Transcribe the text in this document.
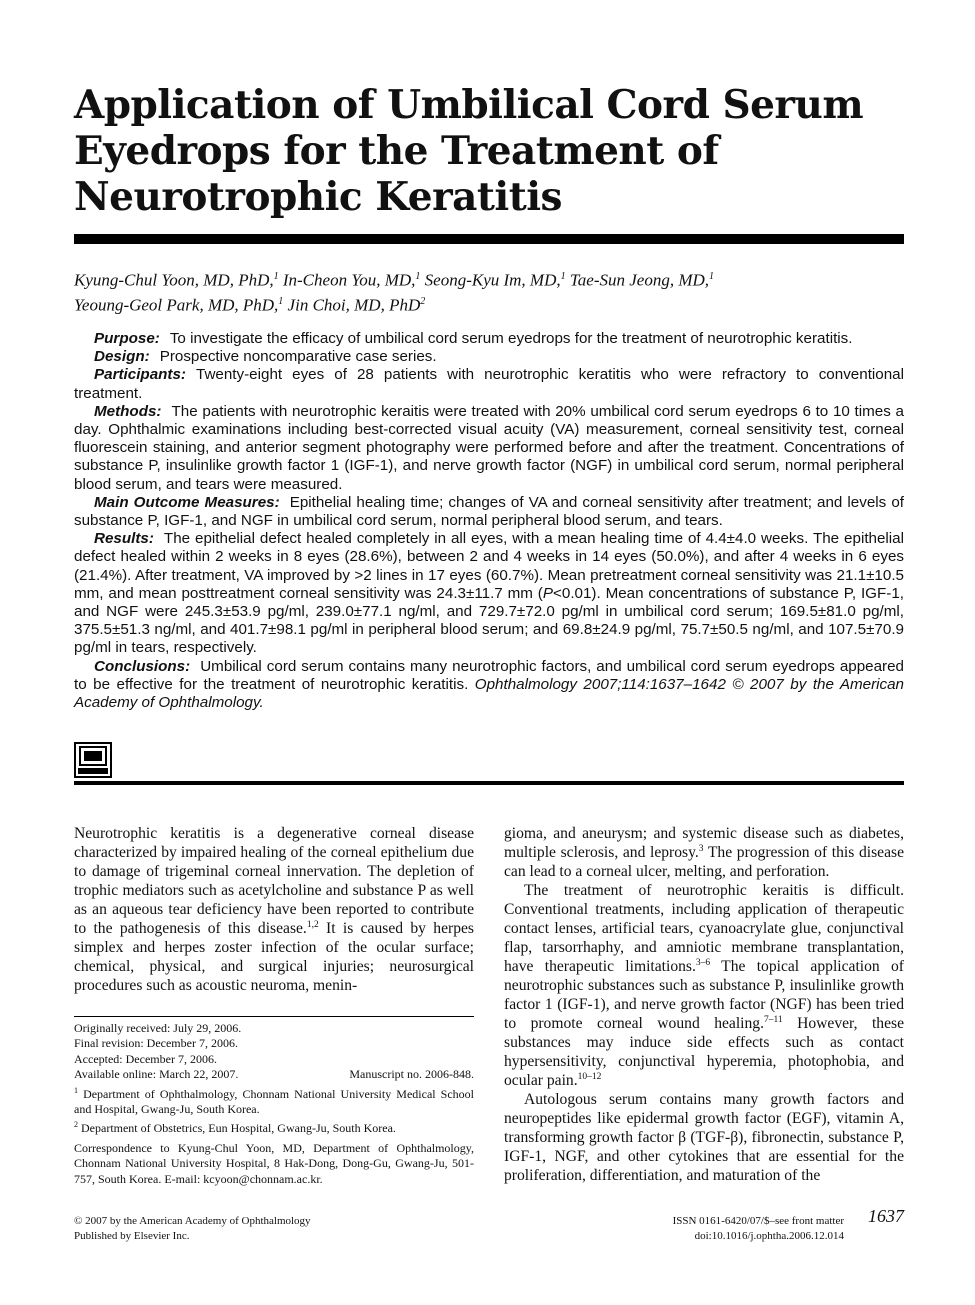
Application of Umbilical Cord Serum
Eyedrops for the Treatment of
Neurotrophic Keratitis
Kyung-Chul Yoon, MD, PhD,$^1$ In-Cheon You, MD,$^1$ Seong-Kyu Im, MD,$^1$ Tae-Sun Jeong, MD,$^1$
Yeoung-Geol Park, MD, PhD,$^1$ Jin Choi, MD, PhD$^2$

Purpose: To investigate the efficacy of umbilical cord serum eyedrops for the treatment of neurotrophic keratitis.

Design: Prospective noncomparative case series.

Participants: Twenty-eight eyes of 28 patients with neurotrophic keratitis who were refractory to conventional treatment.

Methods: The patients with neurotrophic keraitis were treated with 20% umbilical cord serum eyedrops 6 to 10 times a day. Ophthalmic examinations including best-corrected visual acuity (VA) measurement, corneal sensitivity test, corneal fluorescein staining, and anterior segment photography were performed before and after the treatment. Concentrations of substance P, insulinlike growth factor 1 (IGF-1), and nerve growth factor (NGF) in umbilical cord serum, normal peripheral blood serum, and tears were measured.

Main Outcome Measures: Epithelial healing time; changes of VA and corneal sensitivity after treatment; and levels of substance P, IGF-1, and NGF in umbilical cord serum, normal peripheral blood serum, and tears.

Results: The epithelial defect healed completely in all eyes, with a mean healing time of 4.4±4.0 weeks. The epithelial defect healed within 2 weeks in 8 eyes (28.6%), between 2 and 4 weeks in 14 eyes (50.0%), and after 4 weeks in 6 eyes (21.4%). After treatment, VA improved by >2 lines in 17 eyes (60.7%). Mean pretreatment corneal sensitivity was 21.1±10.5 mm, and mean posttreatment corneal sensitivity was 24.3±11.7 mm (P<0.01). Mean concentrations of substance P, IGF-1, and NGF were 245.3±53.9 pg/ml, 239.0±77.1 ng/ml, and 729.7±72.0 pg/ml in umbilical cord serum; 169.5±81.0 pg/ml, 375.5±51.3 ng/ml, and 401.7±98.1 pg/ml in peripheral blood serum; and 69.8±24.9 pg/ml, 75.7±50.5 ng/ml, and 107.5±70.9 pg/ml in tears, respectively.

Conclusions: Umbilical cord serum contains many neurotrophic factors, and umbilical cord serum eyedrops appeared to be effective for the treatment of neurotrophic keratitis. Ophthalmology 2007;114:1637–1642 © 2007 by the American Academy of Ophthalmology.

Neurotrophic keratitis is a degenerative corneal disease characterized by impaired healing of the corneal epithelium due to damage of trigeminal corneal innervation. The depletion of trophic mediators such as acetylcholine and substance P as well as an aqueous tear deficiency have been reported to contribute to the pathogenesis of this disease.$^{1,2}$ It is caused by herpes simplex and herpes zoster infection of the ocular surface; chemical, physical, and surgical injuries; neurosurgical procedures such as acoustic neuroma, menin-

Originally received: July 29, 2006.

Final revision: December 7, 2006.

Accepted: December 7, 2006.

Available online: March 22, 2007.	Manuscript no. 2006-848.

$^1$ Department of Ophthalmology, Chonnam National University Medical School and Hospital, Gwang-Ju, South Korea.

$^2$ Department of Obstetrics, Eun Hospital, Gwang-Ju, South Korea.

Correspondence to Kyung-Chul Yoon, MD, Department of Ophthalmology, Chonnam National University Hospital, 8 Hak-Dong, Dong-Gu, Gwang-Ju, 501-757, South Korea. E-mail: kcyoon@chonnam.ac.kr.

gioma, and aneurysm; and systemic disease such as diabetes, multiple sclerosis, and leprosy.$^3$ The progression of this disease can lead to a corneal ulcer, melting, and perforation.

The treatment of neurotrophic keraitis is difficult. Conventional treatments, including application of therapeutic contact lenses, artificial tears, cyanoacrylate glue, conjunctival flap, tarsorrhaphy, and amniotic membrane transplantation, have therapeutic limitations.$^{3-6}$ The topical application of neurotrophic substances such as substance P, insulinlike growth factor 1 (IGF-1), and nerve growth factor (NGF) has been tried to promote corneal wound healing.$^{7-11}$ However, these substances may induce side effects such as contact hypersensitivity, conjunctival hyperemia, photophobia, and ocular pain.$^{10-12}$

Autologous serum contains many growth factors and neuropeptides like epidermal growth factor (EGF), vitamin A, transforming growth factor β (TGF-β), fibronectin, substance P, IGF-1, NGF, and other cytokines that are essential for the proliferation, differentiation, and maturation of the

© 2007 by the American Academy of Ophthalmology
Published by Elsevier Inc.
ISSN 0161-6420/07/$–see front matter
doi:10.1016/j.ophtha.2006.12.014
1637
